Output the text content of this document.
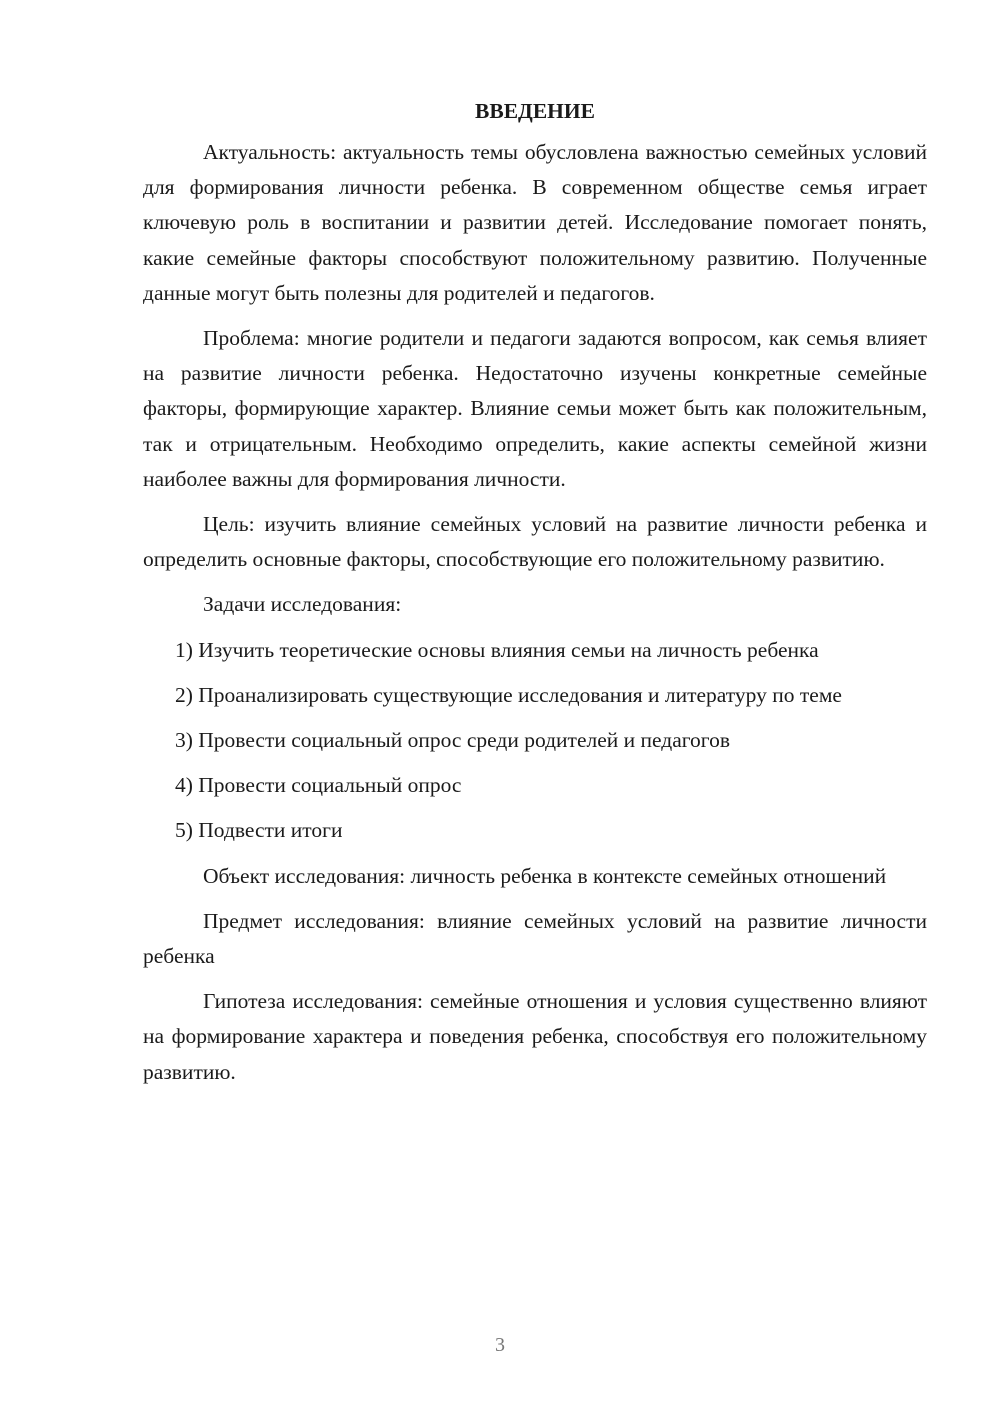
ВВЕДЕНИЕ

Актуальность: актуальность темы обусловлена важностью семейных условий для формирования личности ребенка. В современном обществе семья играет ключевую роль в воспитании и развитии детей. Исследование помогает понять, какие семейные факторы способствуют положительному развитию. Полученные данные могут быть полезны для родителей и педагогов.

Проблема: многие родители и педагоги задаются вопросом, как семья влияет на развитие личности ребенка. Недостаточно изучены конкретные семейные факторы, формирующие характер. Влияние семьи может быть как положительным, так и отрицательным. Необходимо определить, какие аспекты семейной жизни наиболее важны для формирования личности.

Цель: изучить влияние семейных условий на развитие личности ребенка и определить основные факторы, способствующие его положительному развитию.

Задачи исследования:

1) Изучить теоретические основы влияния семьи на личность ребенка

2) Проанализировать существующие исследования и литературу по теме

3) Провести социальный опрос среди родителей и педагогов

4) Провести социальный опрос

5) Подвести итоги

Объект исследования: личность ребенка в контексте семейных отношений

Предмет исследования: влияние семейных условий на развитие личности ребенка

Гипотеза исследования: семейные отношения и условия существенно влияют на формирование характера и поведения ребенка, способствуя его положительному развитию.

3
